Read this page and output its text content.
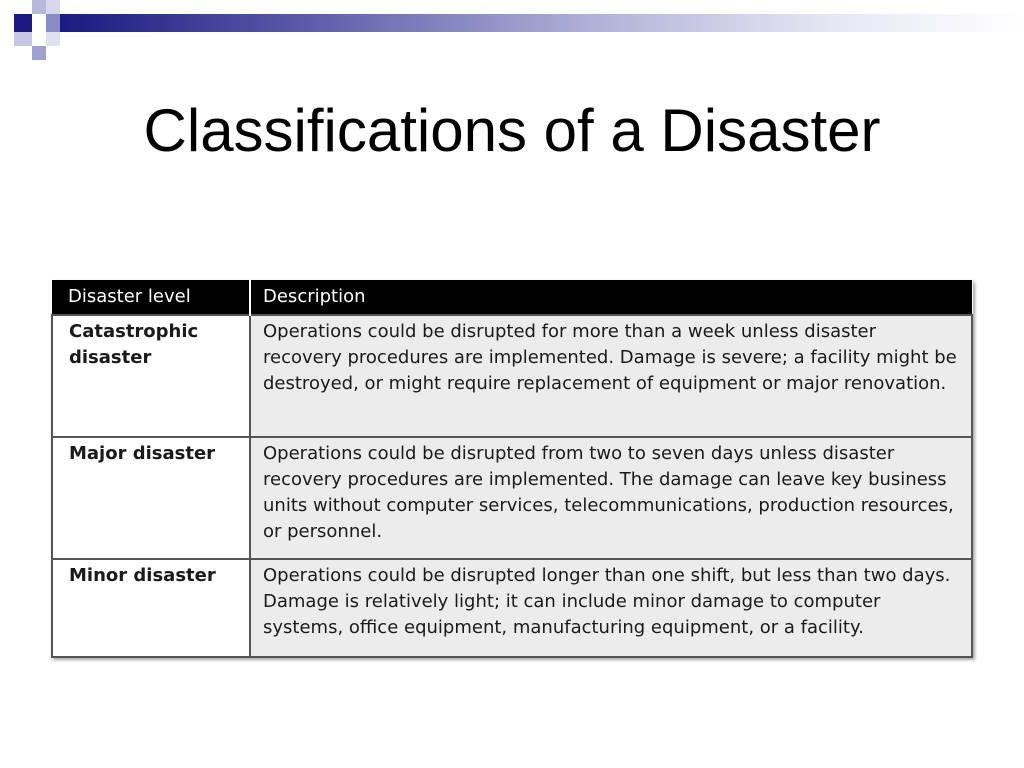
Classifications of a Disaster
Disaster level	Description
Catastrophic disaster	Operations could be disrupted for more than a week unless disaster recovery procedures are implemented. Damage is severe; a facility might be destroyed, or might require replacement of equipment or major renovation.
Major disaster	Operations could be disrupted from two to seven days unless disaster recovery procedures are implemented. The damage can leave key business units without computer services, telecommunications, production resources, or personnel.
Minor disaster	Operations could be disrupted longer than one shift, but less than two days. Damage is relatively light; it can include minor damage to computer systems, office equipment, manufacturing equipment, or a facility.
